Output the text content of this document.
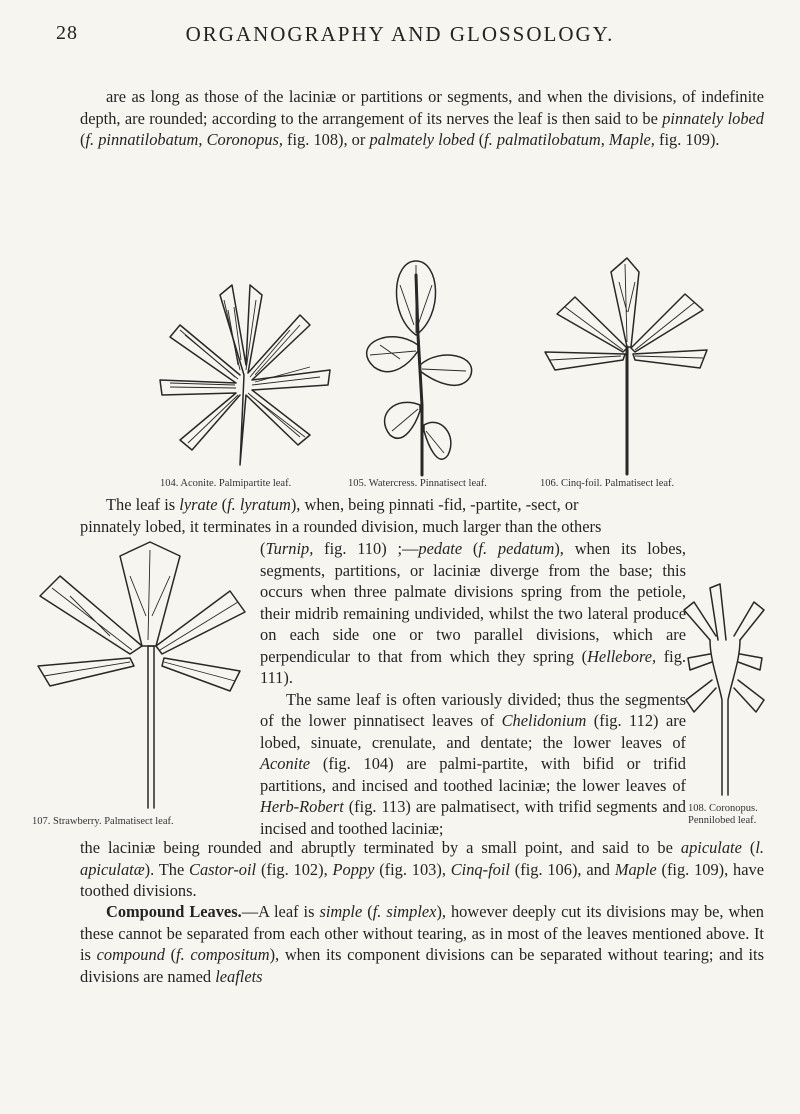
28	ORGANOGRAPHY AND GLOSSOLOGY.

are as long as those of the laciniæ or partitions or segments, and when the divisions, of indefinite depth, are rounded; according to the arrangement of its nerves the leaf is then said to be pinnately lobed (f. pinnatilobatum, Coronopus, fig. 108), or palmately lobed (f. palmatilobatum, Maple, fig. 109).

104. Aconite. Palmipartite leaf.	105. Watercress. Pinnatisect leaf.	106. Cinq-foil. Palmatisect leaf.

The leaf is lyrate (f. lyratum), when, being pinnati -fid, -partite, -sect, or

pinnately lobed, it terminates in a rounded division, much larger than the others

107. Strawberry. Palmatisect leaf.
108. Coronopus.
Pennilobed leaf.

(Turnip, fig. 110) ;—pedate (f. pedatum), when its lobes, segments, partitions, or laciniæ diverge from the base; this occurs when three palmate divisions spring from the petiole, their midrib remaining undivided, whilst the two lateral produce on each side one or two parallel divisions, which are perpendicular to that from which they spring (Hellebore, fig. 111).

The same leaf is often variously divided; thus the segments of the lower pinnatisect leaves of Chelidonium (fig. 112) are lobed, sinuate, crenulate, and dentate; the lower leaves of Aconite (fig. 104) are palmi-partite, with bifid or trifid partitions, and incised and toothed laciniæ; the lower leaves of Herb-Robert (fig. 113) are palmatisect, with trifid segments and incised and toothed laciniæ;

the laciniæ being rounded and abruptly terminated by a small point, and said to be apiculate (l. apiculatæ). The Castor-oil (fig. 102), Poppy (fig. 103), Cinq-foil (fig. 106), and Maple (fig. 109), have toothed divisions.

Compound Leaves.—A leaf is simple (f. simplex), however deeply cut its divisions may be, when these cannot be separated from each other without tearing, as in most of the leaves mentioned above. It is compound (f. compositum), when its component divisions can be separated without tearing; and its divisions are named leaflets
